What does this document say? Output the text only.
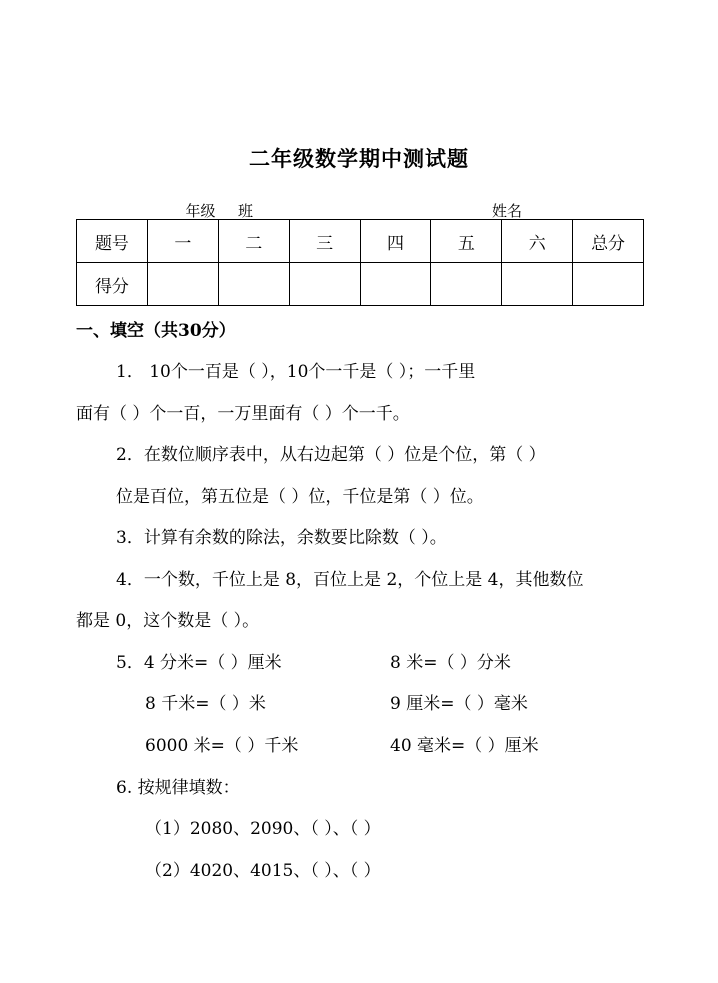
二年级数学期中测试题
___年级___班	姓名__________
题号	一	二	三	四	五	六	总分
得分							
一、填空（共30分）
1． 10个一百是（ ），10个一千是（ ）；一千里
面有（ ）个一百，一万里面有（ ）个一千。
2．在数位顺序表中，从右边起第（ ）位是个位，第（ ）
位是百位，第五位是（ ）位，千位是第（ ）位。
3．计算有余数的除法，余数要比除数（ ）。
4．一个数，千位上是 8，百位上是 2，个位上是 4，其他数位
都是 0，这个数是（ ）。
5．4 分米=（ ）厘米	8 米=（ ）分米
8 千米=（ ）米	9 厘米=（ ）毫米
6000 米=（ ）千米	40 毫米=（ ）厘米
6. 按规律填数：
（1）2080、2090、（ ）、（ ）
（2）4020、4015、（ ）、（ ）
